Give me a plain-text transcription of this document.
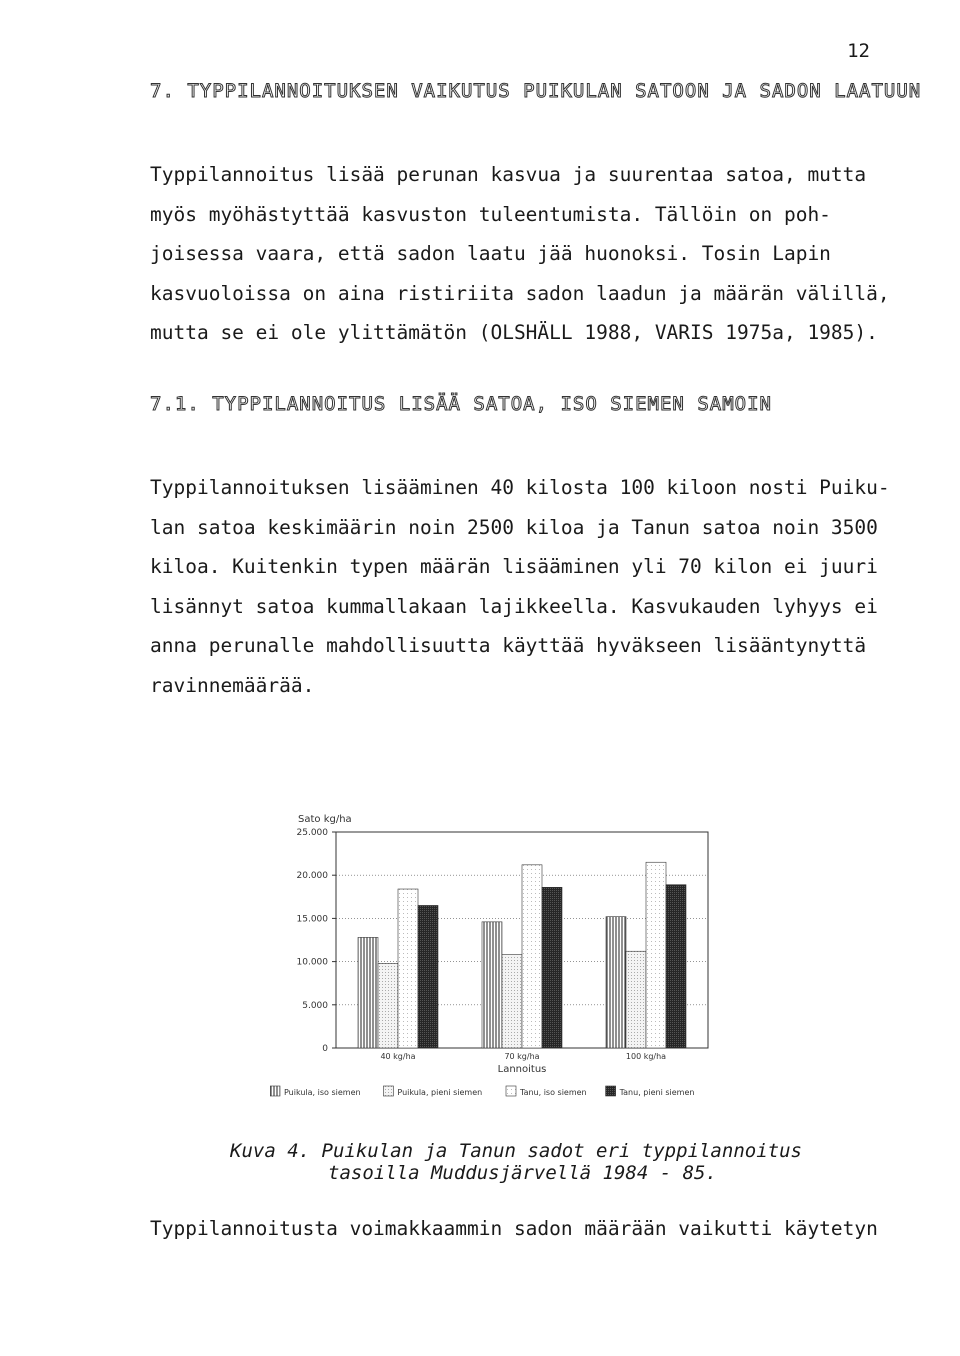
12
7. TYPPILANNOITUKSEN VAIKUTUS PUIKULAN SATOON JA SADON LAATUUN
Typpilannoitus lisää perunan kasvua ja suurentaa satoa, mutta
myös myöhästyttää kasvuston tuleentumista. Tällöin on poh-
joisessa vaara, että sadon laatu jää huonoksi. Tosin Lapin
kasvuoloissa on aina ristiriita sadon laadun ja määrän välillä,
mutta se ei ole ylittämätön (OLSHÄLL 1988, VARIS 1975a, 1985).
7.1. TYPPILANNOITUS LISÄÄ SATOA, ISO SIEMEN SAMOIN
Typpilannoituksen lisääminen 40 kilosta 100 kiloon nosti Puiku-
lan satoa keskimäärin noin 2500 kiloa ja Tanun satoa noin 3500
kiloa. Kuitenkin typen määrän lisääminen yli 70 kilon ei juuri
lisännyt satoa kummallakaan lajikkeella. Kasvukauden lyhyys ei
anna perunalle mahdollisuutta käyttää hyväkseen lisääntynyttä
ravinnemäärää.
Sato kg/ha
0
5.000
10.000
15.000
20.000
25.000
40 kg/ha	70 kg/ha	100 kg/ha
Lannoitus
Puikula, iso siemen	Puikula, pieni siemen	Tanu, iso siemen	Tanu, pieni siemen
Kuva 4. Puikulan ja Tanun sadot eri typpilannoitus
tasoilla Muddusjärvellä 1984 - 85.
Typpilannoitusta voimakkaammin sadon määrään vaikutti käytetyn
